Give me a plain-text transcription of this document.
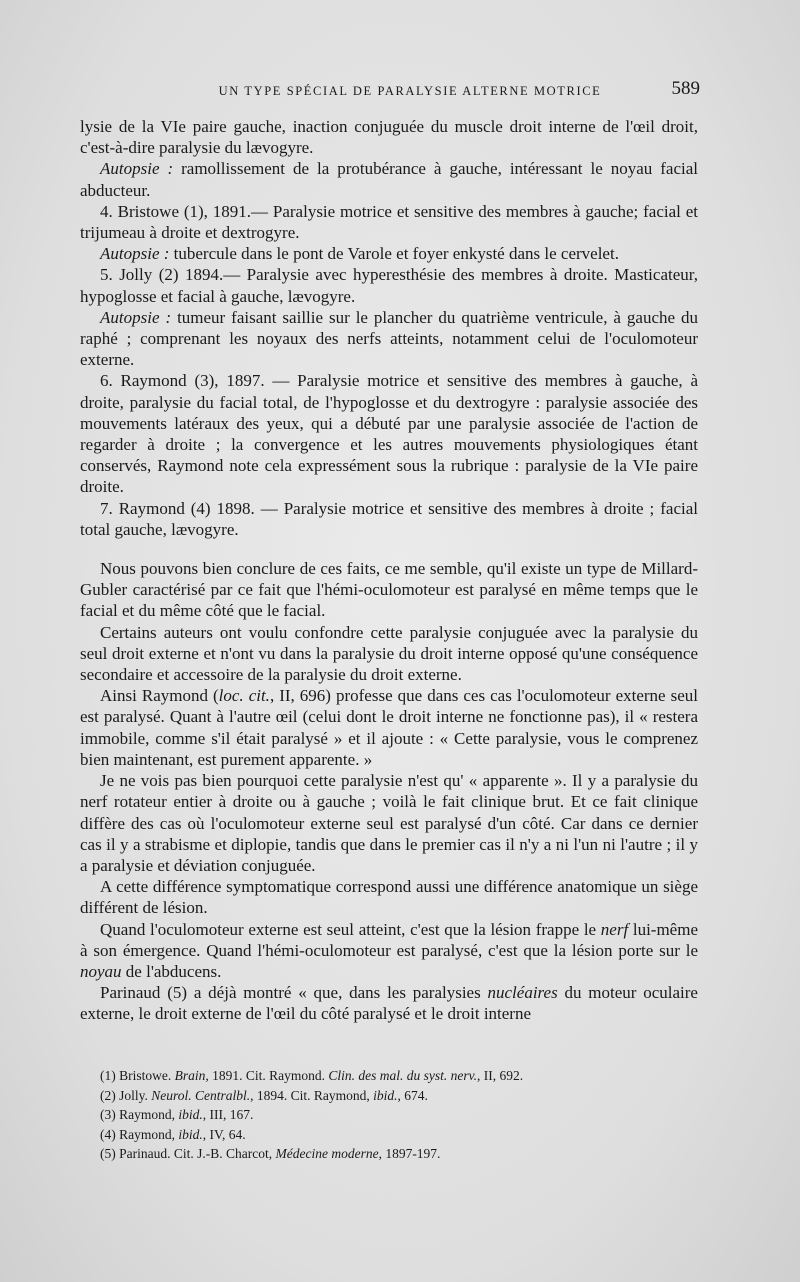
UN TYPE SPÉCIAL DE PARALYSIE ALTERNE MOTRICE	589

lysie de la VIe paire gauche, inaction conjuguée du muscle droit interne de l'œil droit, c'est-à-dire paralysie du lævogyre.

Autopsie : ramollissement de la protubérance à gauche, intéressant le noyau facial abducteur.

4. Bristowe (1), 1891.— Paralysie motrice et sensitive des membres à gauche; facial et trijumeau à droite et dextrogyre.

Autopsie : tubercule dans le pont de Varole et foyer enkysté dans le cervelet.

5. Jolly (2) 1894.— Paralysie avec hyperesthésie des membres à droite. Masticateur, hypoglosse et facial à gauche, lævogyre.

Autopsie : tumeur faisant saillie sur le plancher du quatrième ventricule, à gauche du raphé ; comprenant les noyaux des nerfs atteints, notamment celui de l'oculomoteur externe.

6. Raymond (3), 1897. — Paralysie motrice et sensitive des membres à gauche, à droite, paralysie du facial total, de l'hypoglosse et du dextrogyre : paralysie associée des mouvements latéraux des yeux, qui a débuté par une paralysie associée de l'action de regarder à droite ; la convergence et les autres mouvements physiologiques étant conservés, Raymond note cela expressément sous la rubrique : paralysie de la VIe paire droite.

7. Raymond (4) 1898. — Paralysie motrice et sensitive des membres à droite ; facial total gauche, lævogyre.

Nous pouvons bien conclure de ces faits, ce me semble, qu'il existe un type de Millard-Gubler caractérisé par ce fait que l'hémi-oculomoteur est paralysé en même temps que le facial et du même côté que le facial.

Certains auteurs ont voulu confondre cette paralysie conjuguée avec la paralysie du seul droit externe et n'ont vu dans la paralysie du droit interne opposé qu'une conséquence secondaire et accessoire de la paralysie du droit externe.

Ainsi Raymond (loc. cit., II, 696) professe que dans ces cas l'oculomoteur externe seul est paralysé. Quant à l'autre œil (celui dont le droit interne ne fonctionne pas), il « restera immobile, comme s'il était paralysé » et il ajoute : « Cette paralysie, vous le comprenez bien maintenant, est purement apparente. »

Je ne vois pas bien pourquoi cette paralysie n'est qu' « apparente ». Il y a paralysie du nerf rotateur entier à droite ou à gauche ; voilà le fait clinique brut. Et ce fait clinique diffère des cas où l'oculomoteur externe seul est paralysé d'un côté. Car dans ce dernier cas il y a strabisme et diplopie, tandis que dans le premier cas il n'y a ni l'un ni l'autre ; il y a paralysie et déviation conjuguée.

A cette différence symptomatique correspond aussi une différence anatomique un siège différent de lésion.

Quand l'oculomoteur externe est seul atteint, c'est que la lésion frappe le nerf lui-même à son émergence. Quand l'hémi-oculomoteur est paralysé, c'est que la lésion porte sur le noyau de l'abducens.

Parinaud (5) a déjà montré « que, dans les paralysies nucléaires du moteur oculaire externe, le droit externe de l'œil du côté paralysé et le droit interne

(1) Bristowe. Brain, 1891. Cit. Raymond. Clin. des mal. du syst. nerv., II, 692.

(2) Jolly. Neurol. Centralbl., 1894. Cit. Raymond, ibid., 674.

(3) Raymond, ibid., III, 167.

(4) Raymond, ibid., IV, 64.

(5) Parinaud. Cit. J.-B. Charcot, Médecine moderne, 1897-197.
